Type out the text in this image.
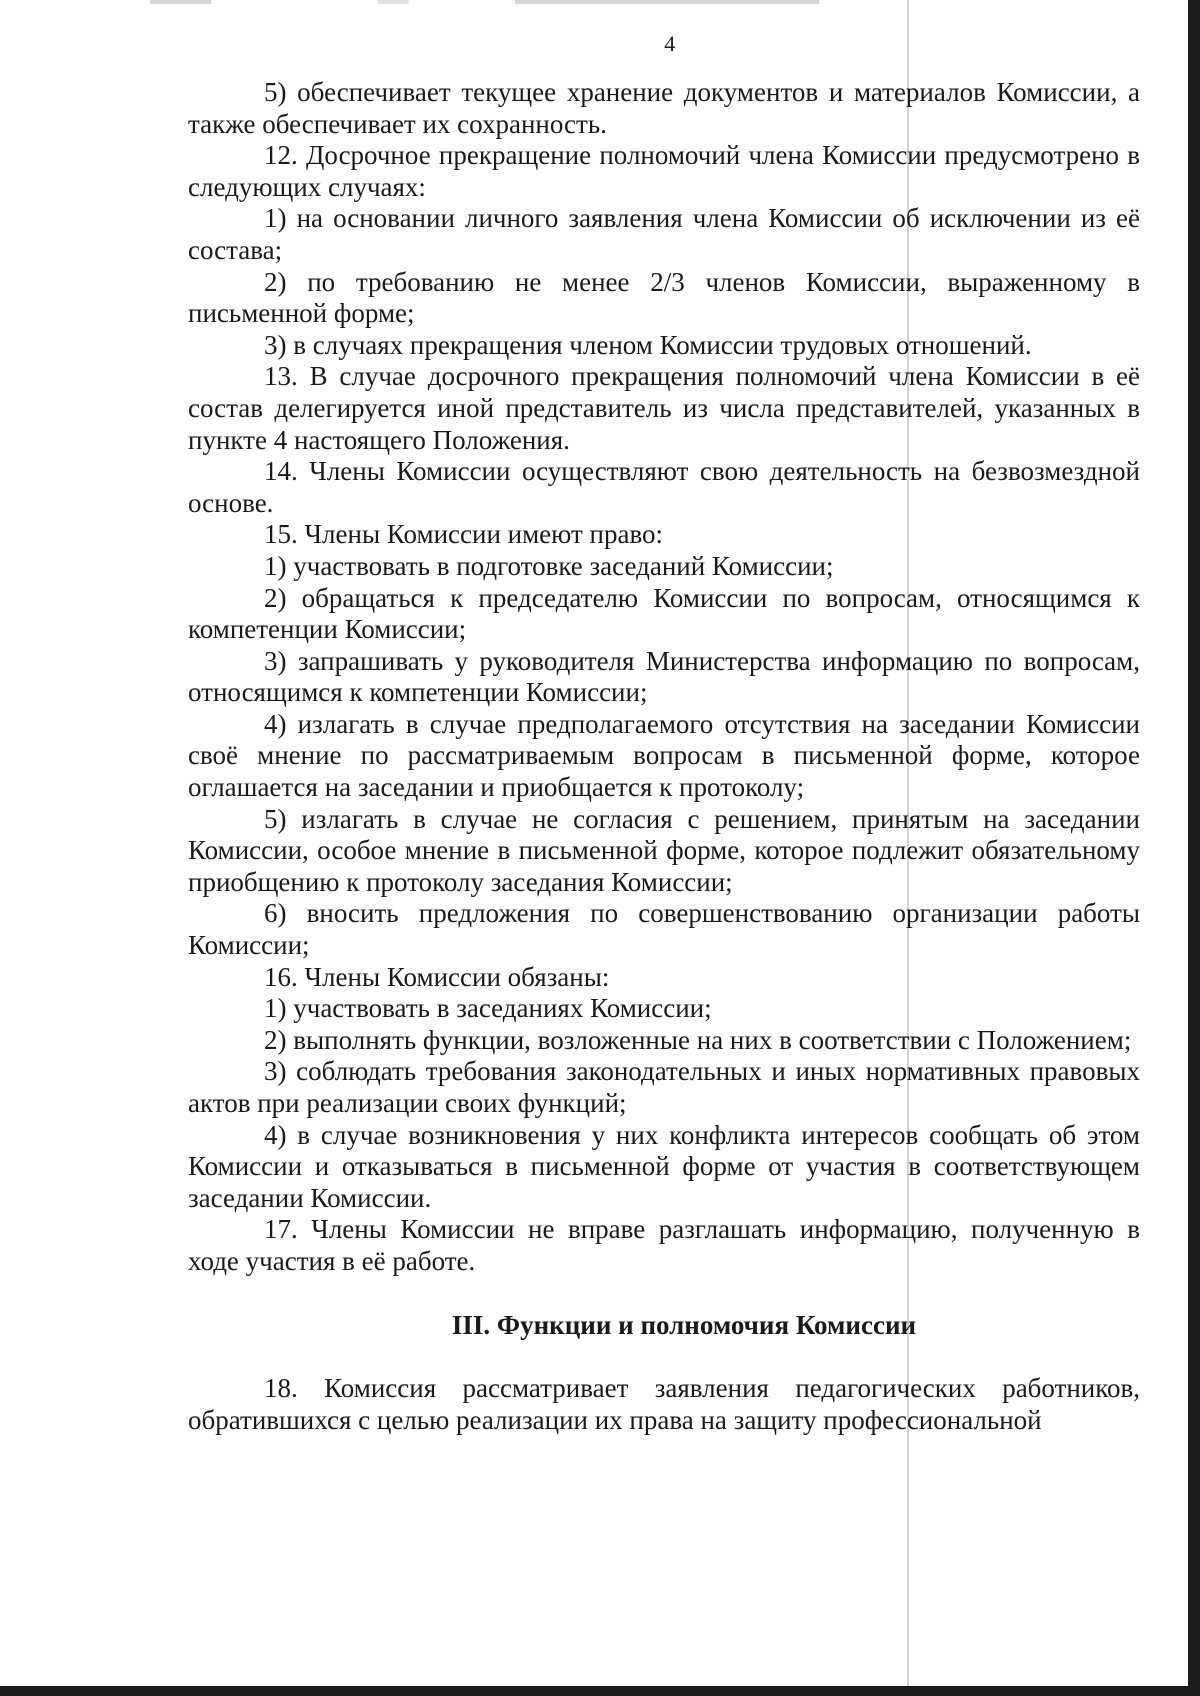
4

5) обеспечивает текущее хранение документов и материалов Комиссии, а также обеспечивает их сохранность.

12. Досрочное прекращение полномочий члена Комиссии предусмотрено в следующих случаях:

1) на основании личного заявления члена Комиссии об исключении из её состава;

2) по требованию не менее 2/3 членов Комиссии, выраженному в письменной форме;

3) в случаях прекращения членом Комиссии трудовых отношений.

13. В случае досрочного прекращения полномочий члена Комиссии в её состав делегируется иной представитель из числа представителей, указанных в пункте 4 настоящего Положения.

14. Члены Комиссии осуществляют свою деятельность на безвозмездной основе.

15. Члены Комиссии имеют право:

1) участвовать в подготовке заседаний Комиссии;

2) обращаться к председателю Комиссии по вопросам, относящимся к компетенции Комиссии;

3) запрашивать у руководителя Министерства информацию по вопросам, относящимся к компетенции Комиссии;

4) излагать в случае предполагаемого отсутствия на заседании Комиссии своё мнение по рассматриваемым вопросам в письменной форме, которое оглашается на заседании и приобщается к протоколу;

5) излагать в случае не согласия с решением, принятым на заседании Комиссии, особое мнение в письменной форме, которое подлежит обязательному приобщению к протоколу заседания Комиссии;

6) вносить предложения по совершенствованию организации работы Комиссии;

16. Члены Комиссии обязаны:

1) участвовать в заседаниях Комиссии;

2) выполнять функции, возложенные на них в соответствии с Положением;

3) соблюдать требования законодательных и иных нормативных правовых актов при реализации своих функций;

4) в случае возникновения у них конфликта интересов сообщать об этом Комиссии и отказываться в письменной форме от участия в соответствующем заседании Комиссии.

17. Члены Комиссии не вправе разглашать информацию, полученную в ходе участия в её работе.

III. Функции и полномочия Комиссии

18. Комиссия рассматривает заявления педагогических работников, обратившихся с целью реализации их права на защиту профессиональной
